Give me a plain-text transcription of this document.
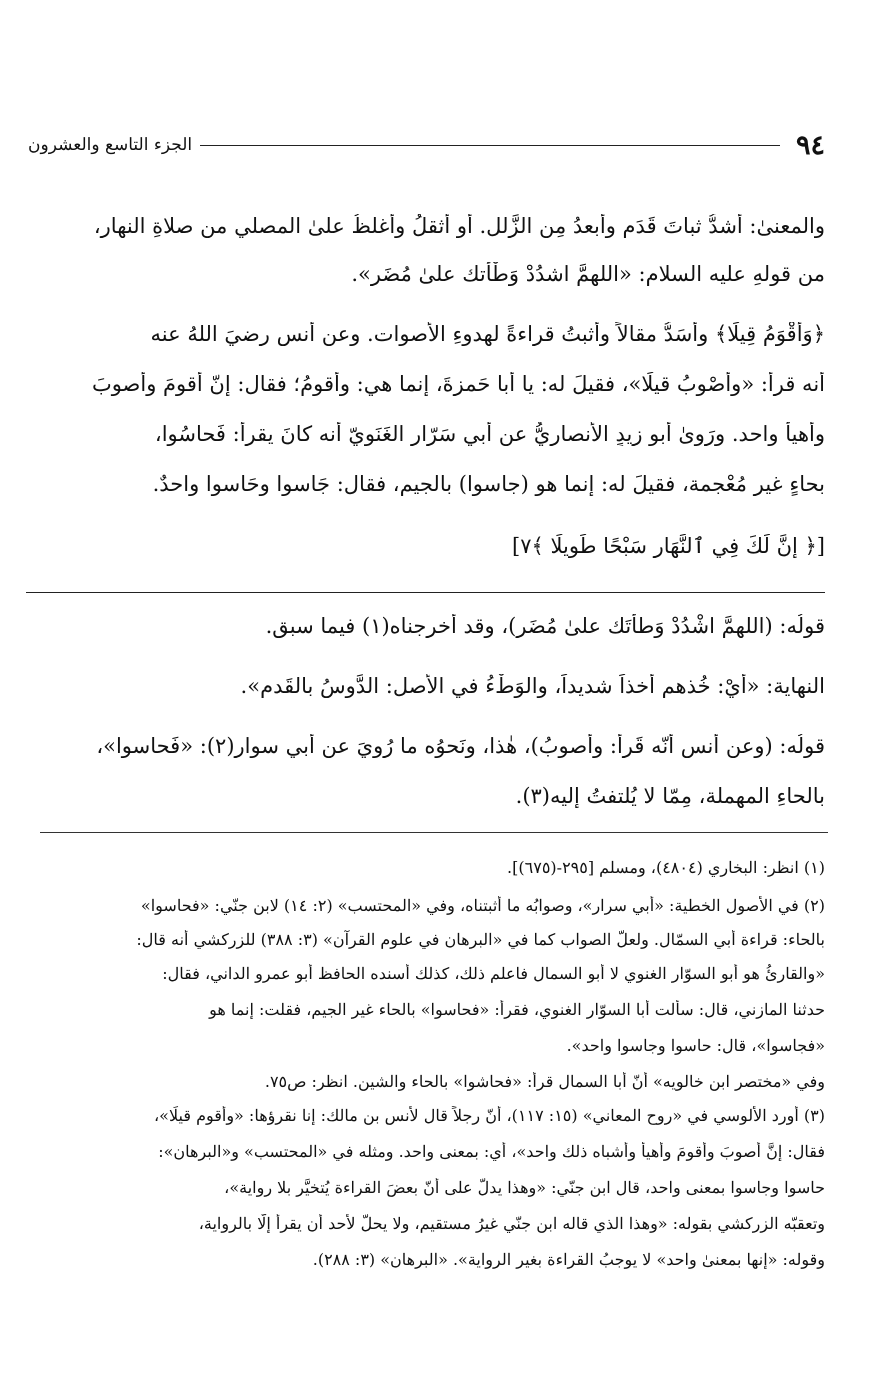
٩٤
الجزء التاسع والعشرون
والمعنىٰ: أشدُّ ثباتَ قَدَمٍ وأبعدُ مِن الزَّلل. أو أثقلُ وأغلظُ علىٰ المصلي من صلاةِ النهار،
من قولهِ عليه السلام: «اللهمَّ اشدُدْ وَطْأَتك علىٰ مُضَر».
﴿وَأَقْوَمُ قِيلًا﴾ وأَسَدُّ مقالاً وأثبتُ قراءةً لهدوءِ الأصوات. وعن أنسٍ رضيَ اللهُ عنه
أنه قرأ: «وأَصْوبُ قيلًا»، فقيلَ له: يا أبا حَمزةَ، إنما هي: وأقومُ؛ فقال: إنّ أقومَ وأصوبَ
وأهيأَ واحد. ورَوىٰ أبو زيدٍ الأنصاريُّ عن أبي سَرّارٍ الغَنَويّ أنه كانَ يقرأ: فَحاسُوا،
بحاءٍ غيرِ مُعْجمة، فقيلَ له: إنما هو (جاسوا) بالجيم، فقال: جَاسوا وحَاسوا واحدٌ.
[﴿ إِنَّ لَكَ فِي ٱلنَّهَارِ سَبْحًا طَوِيلًا ﴾٧]
قولُه: (اللهمَّ اشْدُدْ وَطأتَك علىٰ مُضَر)، وقد أخرجناه(١) فيما سبق.
النهاية: «أَيْ: خُذهم أَخذاً شديداً، والوَطْءُ في الأصلِ: الدَّوسُ بالقَدم».
قولُه: (وعن أنسٍ أنّه قَرأَ: وأَصوبُ)، هٰذا، ونَحوُه ما رُوِيَ عن أبي سوار(٢): «فَحاسوا»،
بالحاءِ المهملة، مِمّا لا يُلتفتُ إليه(٣).
(١) انظر: البخاري (٤٨٠٤)، ومسلم [٢٩٥-(٦٧٥)].
(٢) في الأصول الخطية: «أبي سرار»، وصوابُه ما أثبتناه، وفي «المحتسب» (٢: ١٤) لابن جنّي: «فحاسوا»
بالحاء: قراءة أبي السمّال. ولعلّ الصواب كما في «البرهان في علوم القرآن» (٣: ٣٨٨) للزركشي أنه قال:
«والقارئُ هو أبو السوّار الغنوي لا أبو السمال فاعلم ذلك، كذلك أسنده الحافظ أبو عمرو الداني، فقال:
حدثنا المازني، قال: سألت أبا السوّار الغنوي، فقرأ: «فحاسوا» بالحاء غير الجيم، فقلت: إنما هو
«فجاسوا»، قال: حاسوا وجاسوا واحد».
وفي «مختصر ابن خالويه» أنّ أبا السمال قرأ: «فحاشوا» بالحاء والشين. انظر: ص٧٥.
(٣) أورد الألوسي في «روح المعاني» (١٥: ١١٧)، أنّ رجلاً قال لأنس بن مالك: إنا نقرؤها: «وأقوم قيلًا»،
فقال: إنَّ أصوبَ وأقومَ وأهيأَ وأشباه ذلك واحد»، أي: بمعنى واحد. ومثله في «المحتسب» و«البرهان»:
حاسوا وجاسوا بمعنى واحد، قال ابن جنّي: «وهذا يدلّ على أنّ بعضَ القراءة يُتخيَّر بلا رواية»،
وتعقبّه الزركشي بقوله: «وهذا الذي قاله ابن جنّي غيرُ مستقيم، ولا يحلّ لأحد أن يقرأ إلّا بالرواية،
وقوله: «إنها بمعنىٰ واحد» لا يوجبُ القراءة بغير الرواية». «البرهان» (٣: ٢٨٨).
